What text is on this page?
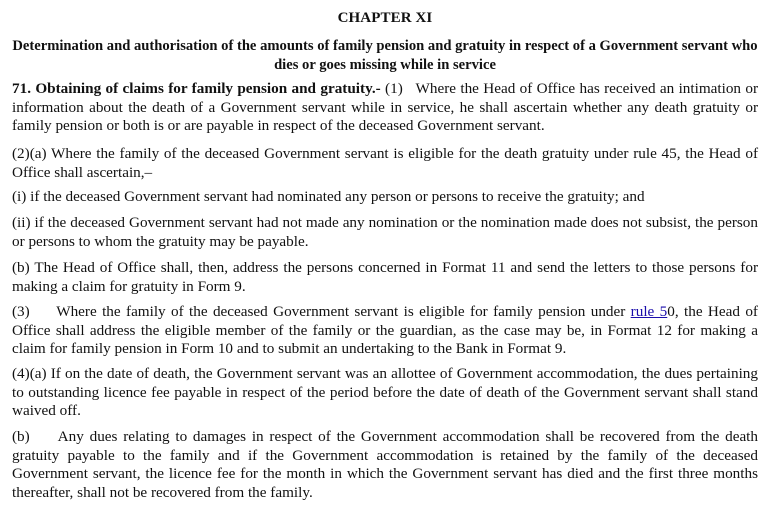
CHAPTER XI
Determination and authorisation of the amounts of family pension and gratuity in respect of a Government servant who dies or goes missing while in service

71. Obtaining of claims for family pension and gratuity.- (1)   Where the Head of Office has received an intimation or information about the death of a Government servant while in service, he shall ascertain whether any death gratuity or family pension or both is or are payable in respect of the deceased Government servant.

(2)(a) Where the family of the deceased Government servant is eligible for the death gratuity under rule 45, the Head of Office shall ascertain,–

(i) if the deceased Government servant had nominated any person or persons to receive the gratuity; and

(ii) if the deceased Government servant had not made any nomination or the nomination made does not subsist, the person or persons to whom the gratuity may be payable.

(b) The Head of Office shall, then, address the persons concerned in Format 11 and send the letters to those persons for making a claim for gratuity in Form 9.

(3)     Where the family of the deceased Government servant is eligible for family pension under rule 50, the Head of Office shall address the eligible member of the family or the guardian, as the case may be, in Format 12 for making a claim for family pension in Form 10 and to submit an undertaking to the Bank in Format 9.

(4)(a) If on the date of death, the Government servant was an allottee of Government accommodation, the dues pertaining to outstanding licence fee payable in respect of the period before the date of death of the Government servant shall stand waived off.

(b)     Any dues relating to damages in respect of the Government accommodation shall be recovered from the death gratuity payable to the family and if the Government accommodation is retained by the family of the deceased Government servant, the licence fee for the month in which the Government servant has died and the first three months thereafter, shall not be recovered from the family.
